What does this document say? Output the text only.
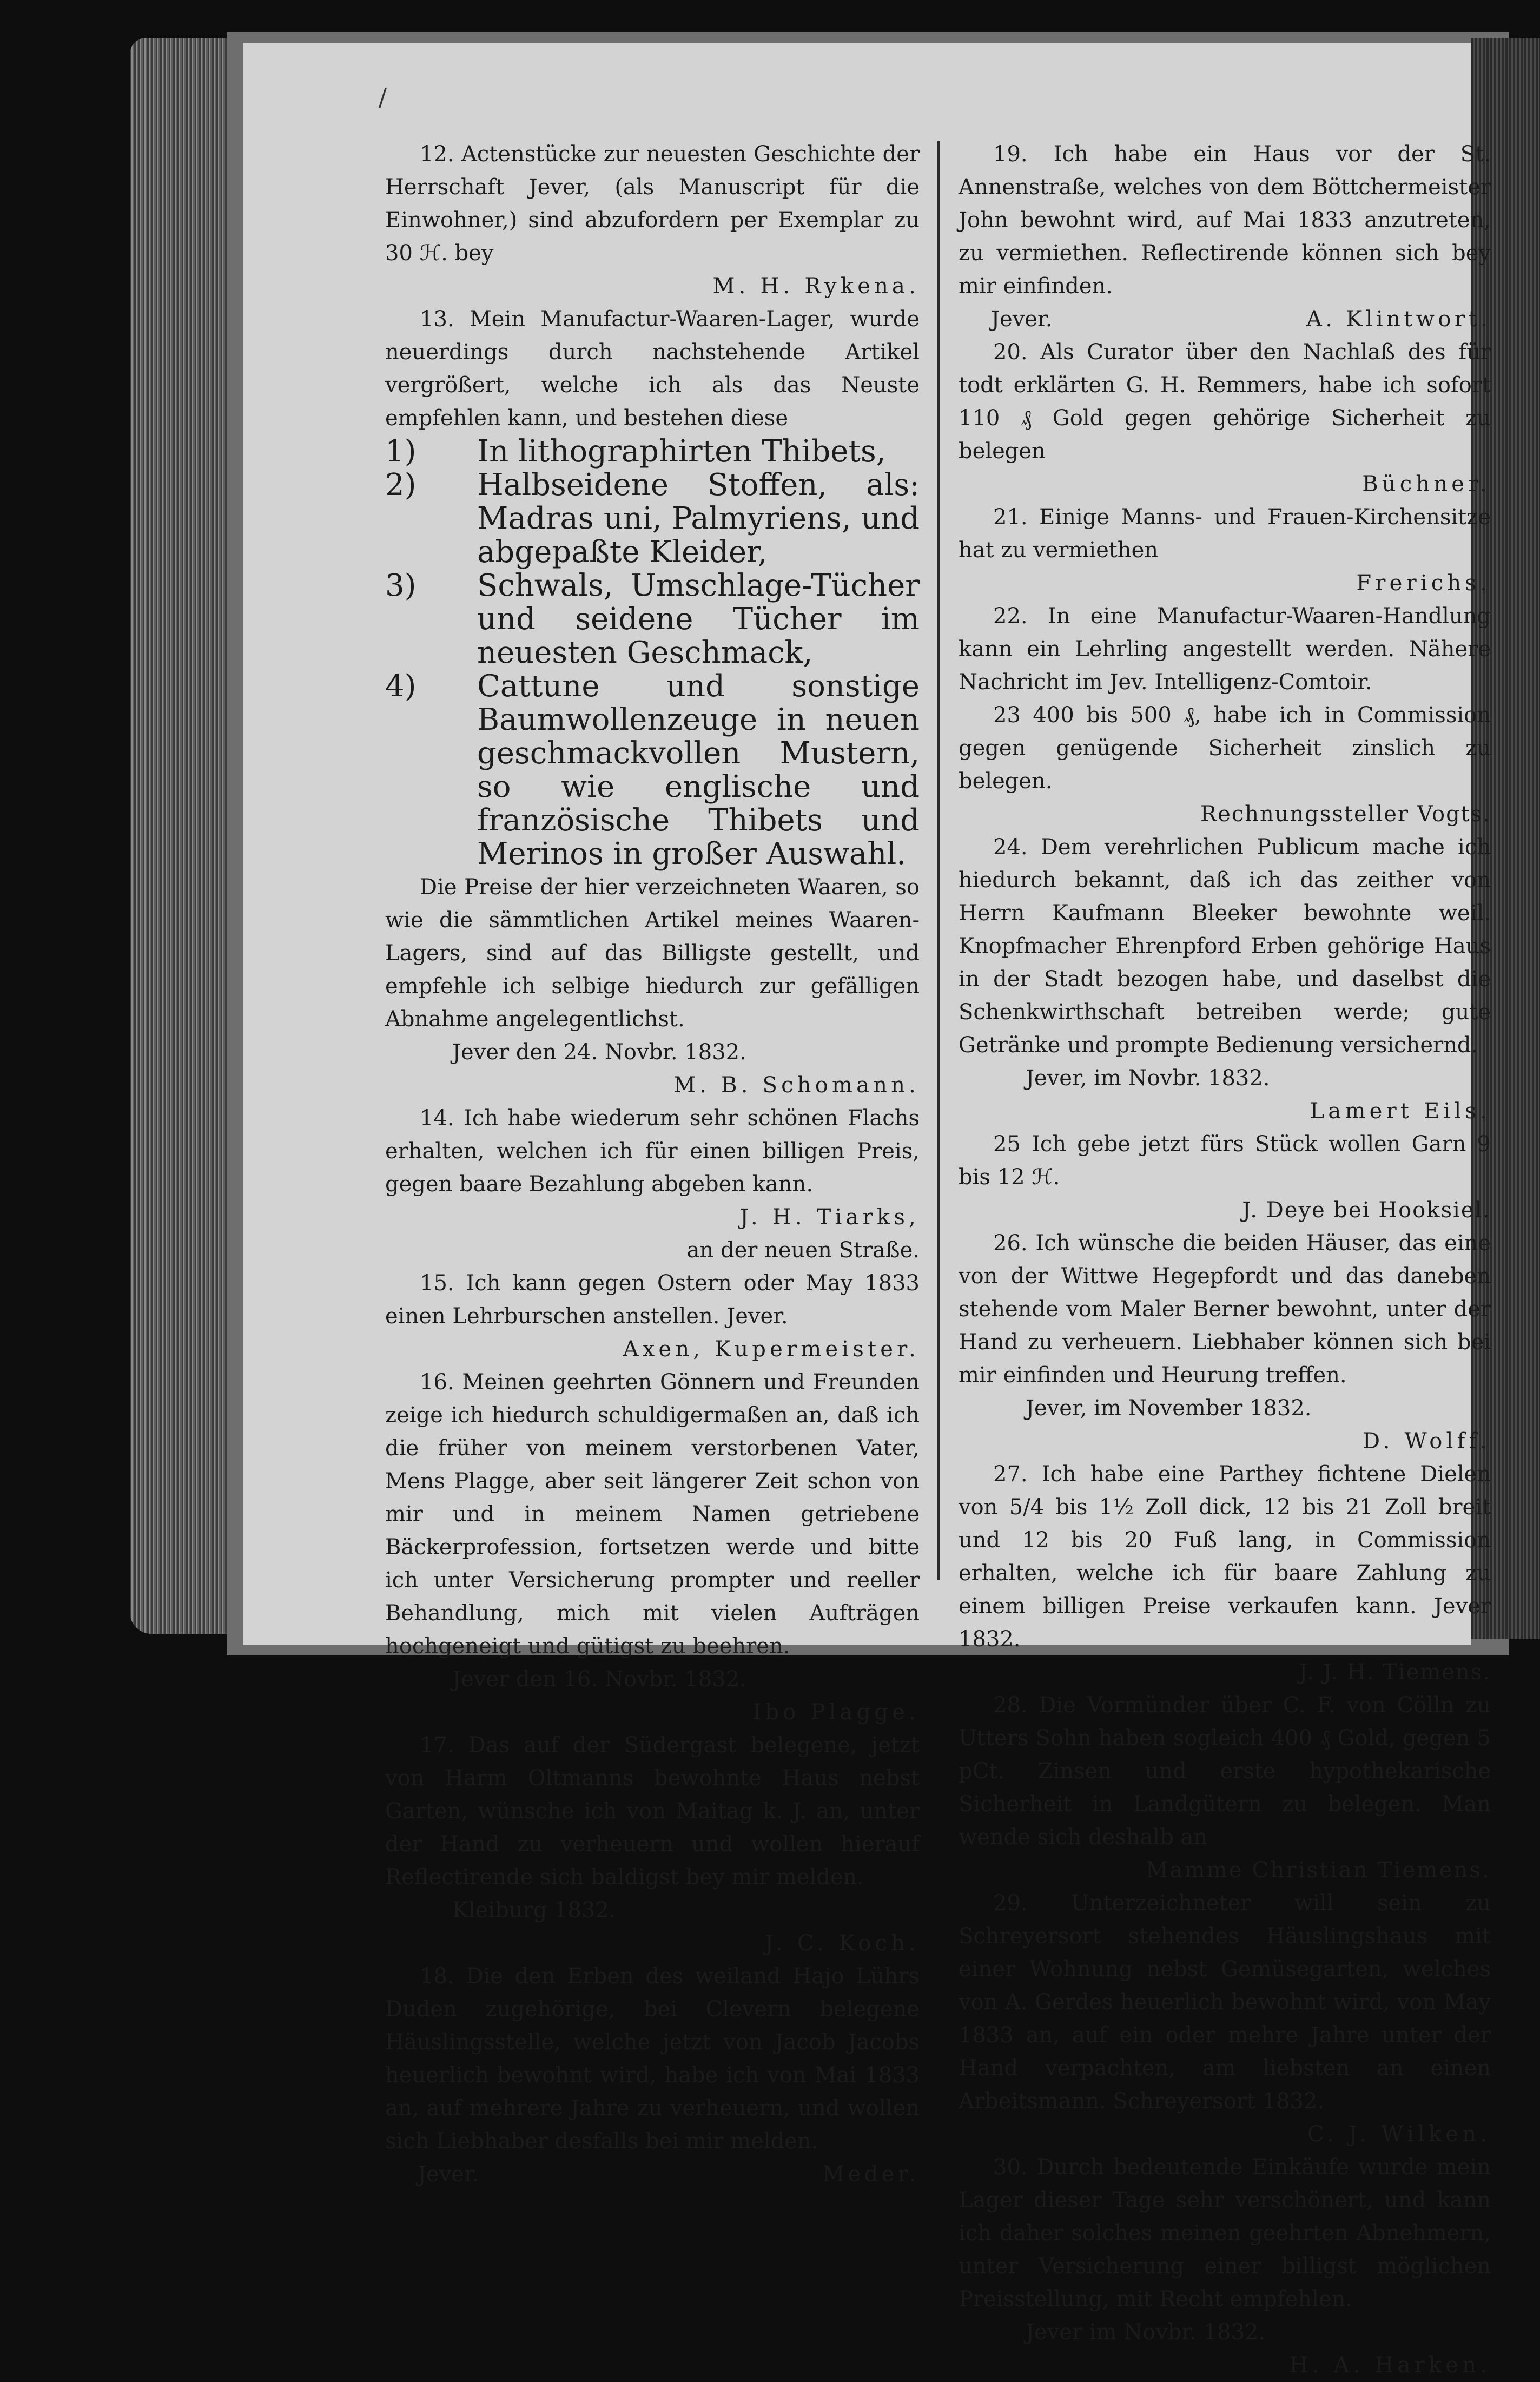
/

12. Actenstücke zur neuesten Geschichte der Herrschaft Jever, (als Manuscript für die Einwohner,) sind abzufordern per Exemplar zu 30 ℋ. bey

M. H. Rykena.

13. Mein Manufactur-Waaren-Lager, wurde neuerdings durch nachstehende Artikel vergrößert, welche ich als das Neuste empfehlen kann, und bestehen diese

1)	In lithographirten Thibets,
2)	Halbseidene Stoffen, als: Madras uni, Palmyriens, und abgepaßte Kleider,
3)	Schwals, Umschlage-Tücher und seidene Tücher im neuesten Geschmack,
4)	Cattune und sonstige Baumwollenzeuge in neuen geschmackvollen Mustern, so wie englische und französische Thibets und Merinos in großer Auswahl.

Die Preise der hier verzeichneten Waaren, so wie die sämmtlichen Artikel meines Waaren-Lagers, sind auf das Billigste gestellt, und empfehle ich selbige hiedurch zur gefälligen Abnahme angelegentlichst.

Jever den 24. Novbr. 1832.

M. B. Schomann.

14. Ich habe wiederum sehr schönen Flachs erhalten, welchen ich für einen billigen Preis, gegen baare Bezahlung abgeben kann.

J. H. Tiarks,

an der neuen Straße.

15. Ich kann gegen Ostern oder May 1833 einen Lehrburschen anstellen. Jever.

Axen, Kupermeister.

16. Meinen geehrten Gönnern und Freunden zeige ich hiedurch schuldigermaßen an, daß ich die früher von meinem verstorbenen Vater, Mens Plagge, aber seit längerer Zeit schon von mir und in meinem Namen getriebene Bäckerprofession, fortsetzen werde und bitte ich unter Versicherung prompter und reeller Behandlung, mich mit vielen Aufträgen hochgeneigt und gütigst zu beehren.

Jever den 16. Novbr. 1832.

Ibo Plagge.

17. Das auf der Südergast belegene, jetzt von Harm Oltmanns bewohnte Haus nebst Garten, wünsche ich von Maitag k. J. an, unter der Hand zu verheuern und wollen hierauf Reflectirende sich baldigst bey mir melden.

Kleiburg 1832.

J. C. Koch.

18. Die den Erben des weiland Hajo Lührs Duden zugehörige, bei Clevern belegene Häuslingsstelle, welche jetzt von Jacob Jacobs heuerlich bewohnt wird, habe ich von Mai 1833 an, auf mehrere Jahre zu verheuern, und wollen sich Liebhaber desfalls bei mir melden.

Jever.	Meder.

19. Ich habe ein Haus vor der St. Annenstraße, welches von dem Böttchermeister John bewohnt wird, auf Mai 1833 anzutreten, zu vermiethen. Reflectirende können sich bey mir einfinden.

Jever.	A. Klintwort.

20. Als Curator über den Nachlaß des für todt erklärten G. H. Remmers, habe ich sofort 110 ₰ Gold gegen gehörige Sicherheit zu belegen

Büchner.

21. Einige Manns- und Frauen-Kirchensitze hat zu vermiethen

Frerichs.

22. In eine Manufactur-Waaren-Handlung kann ein Lehrling angestellt werden. Nähere Nachricht im Jev. Intelligenz-Comtoir.

23 400 bis 500 ₰, habe ich in Commission gegen genügende Sicherheit zinslich zu belegen.

Rechnungssteller Vogts.

24. Dem verehrlichen Publicum mache ich hiedurch bekannt, daß ich das zeither von Herrn Kaufmann Bleeker bewohnte weil. Knopfmacher Ehrenpford Erben gehörige Haus in der Stadt bezogen habe, und daselbst die Schenkwirthschaft betreiben werde; gute Getränke und prompte Bedienung versichernd.

Jever, im Novbr. 1832.

Lamert Eils.

25 Ich gebe jetzt fürs Stück wollen Garn 9 bis 12 ℋ.

J. Deye bei Hooksiel.

26. Ich wünsche die beiden Häuser, das eine von der Wittwe Hegepfordt und das daneben stehende vom Maler Berner bewohnt, unter der Hand zu verheuern. Liebhaber können sich bei mir einfinden und Heurung treffen.

Jever, im November 1832.

D. Wolff.

27. Ich habe eine Parthey fichtene Dielen von 5/4 bis 1½ Zoll dick, 12 bis 21 Zoll breit und 12 bis 20 Fuß lang, in Commission erhalten, welche ich für baare Zahlung zu einem billigen Preise verkaufen kann. Jever 1832.

J. J. H. Tiemens.

28. Die Vormünder über C. F. von Cölln zu Utters Sohn haben sogleich 400 ₰ Gold, gegen 5 pCt. Zinsen und erste hypothekarische Sicherheit in Landgütern zu belegen. Man wende sich deshalb an

Mamme Christian Tiemens.

29. Unterzeichneter will sein zu Schreyersort stehendes Häuslingshaus mit einer Wohnung nebst Gemüsegarten, welches von A. Gerdes heuerlich bewohnt wird, von May 1833 an, auf ein oder mehre Jahre unter der Hand verpachten, am liebsten an einen Arbeitsmann. Schreyersort 1832.

C. J. Wilken.

30. Durch bedeutende Einkäufe wurde mein Lager dieser Tage sehr verschönert, und kann ich daher solches meinen geehrten Abnehmern, unter Versicherung einer billigst möglichen Preisstellung, mit Recht empfehlen.

Jever im Novbr. 1832.

H. A. Harken.
